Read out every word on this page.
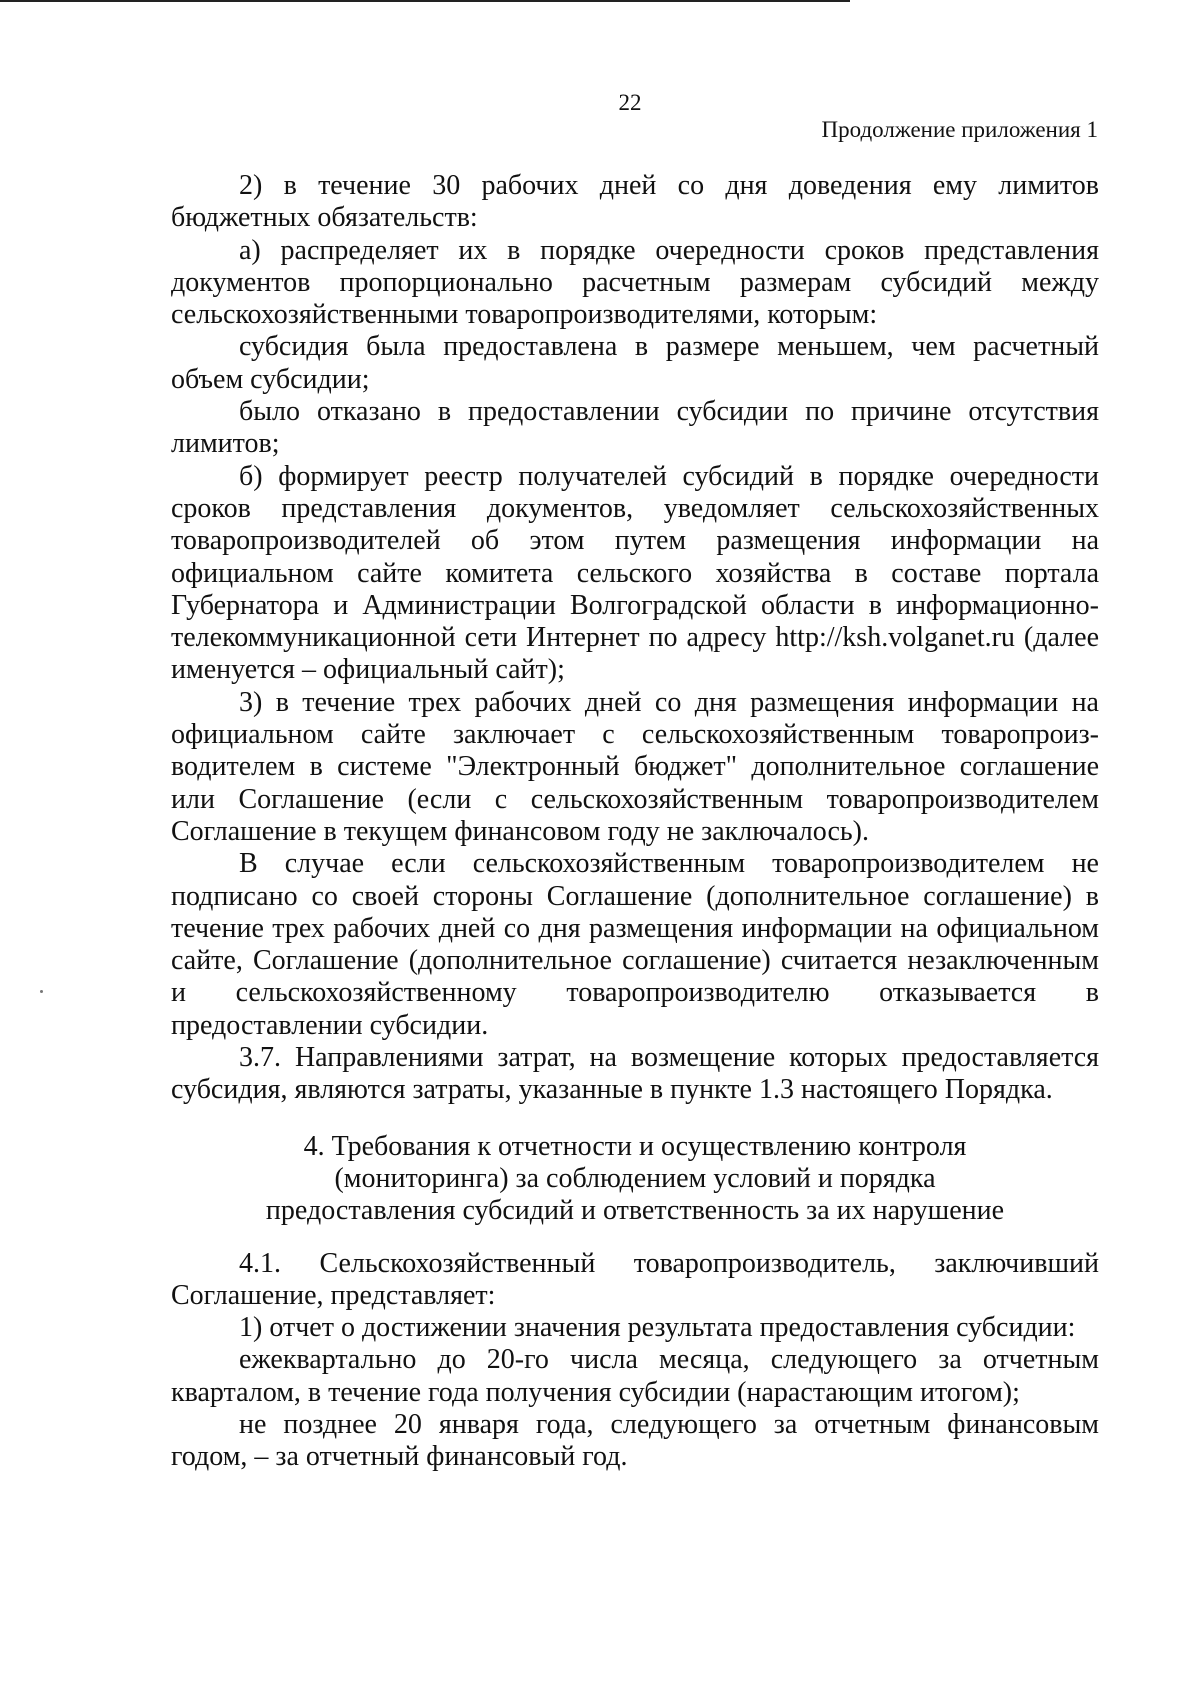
22
Продолжение приложения 1

2) в течение 30 рабочих дней со дня доведения ему лимитов бюджетных обязательств:

а) распределяет их в порядке очередности сроков представления документов пропорционально расчетным размерам субсидий между сельскохозяйственными товаропроизводителями, которым:

субсидия была предоставлена в размере меньшем, чем расчетный объем субсидии;

было отказано в предоставлении субсидии по причине отсутствия лимитов;

б) формирует реестр получателей субсидий в порядке очередности сроков представления документов, уведомляет сельскохозяйственных товаропроизводителей об этом путем размещения информации на официальном сайте комитета сельского хозяйства в составе портала Губернатора и Администрации Волгоградской области в информационно-телекоммуникационной сети Интернет по адресу http://ksh.volganet.ru (далее именуется – официальный сайт);

3) в течение трех рабочих дней со дня размещения информации на официальном сайте заключает с сельскохозяйственным товаропроиз-водителем в системе "Электронный бюджет" дополнительное соглашение или Соглашение (если с сельскохозяйственным товаропроизводителем Соглашение в текущем финансовом году не заключалось).

В случае если сельскохозяйственным товаропроизводителем не подписано со своей стороны Соглашение (дополнительное соглашение) в течение трех рабочих дней со дня размещения информации на официальном сайте, Соглашение (дополнительное соглашение) считается незаключенным и сельскохозяйственному товаропроизводителю отказывается в предоставлении субсидии.

3.7. Направлениями затрат, на возмещение которых предоставляется субсидия, являются затраты, указанные в пункте 1.3 настоящего Порядка.

4. Требования к отчетности и осуществлению контроля
(мониторинга) за соблюдением условий и порядка
предоставления субсидий и ответственность за их нарушение

4.1. Сельскохозяйственный товаропроизводитель, заключивший Соглашение, представляет:

1) отчет о достижении значения результата предоставления субсидии:

ежеквартально до 20-го числа месяца, следующего за отчетным кварталом, в течение года получения субсидии (нарастающим итогом);

не позднее 20 января года, следующего за отчетным финансовым годом, – за отчетный финансовый год.
